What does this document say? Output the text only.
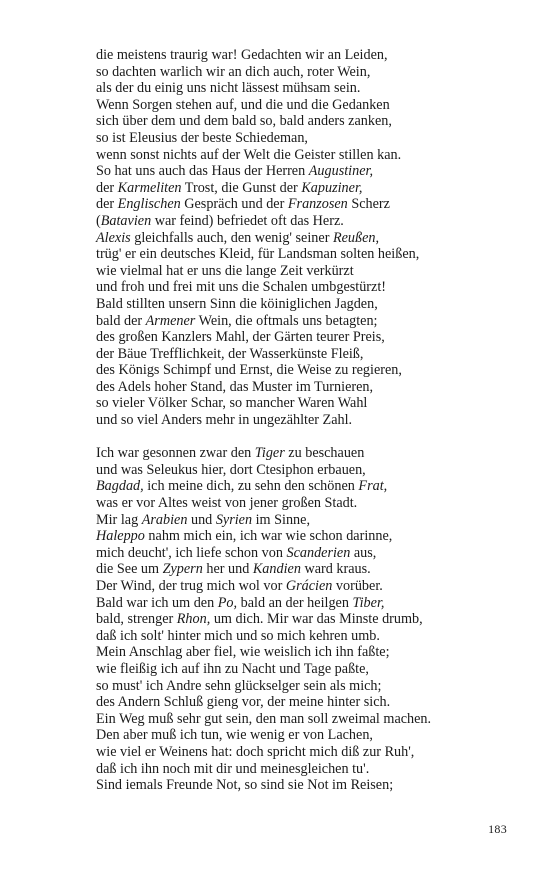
die meistens traurig war! Gedachten wir an Leiden,
so dachten warlich wir an dich auch, roter Wein,
als der du einig uns nicht lässest mühsam sein.
Wenn Sorgen stehen auf, und die und die Gedanken
sich über dem und dem bald so, bald anders zanken,
so ist Eleusius der beste Schiedeman,
wenn sonst nichts auf der Welt die Geister stillen kan.
So hat uns auch das Haus der Herren Augustiner,
der Karmeliten Trost, die Gunst der Kapuziner,
der Englischen Gespräch und der Franzosen Scherz
(Batavien war feind) befriedet oft das Herz.
Alexis gleichfalls auch, den wenig' seiner Reußen,
trüg' er ein deutsches Kleid, für Landsman solten heißen,
wie vielmal hat er uns die lange Zeit verkürzt
und froh und frei mit uns die Schalen umbgestürzt!
Bald stillten unsern Sinn die köiniglichen Jagden,
bald der Armener Wein, die oftmals uns betagten;
des großen Kanzlers Mahl, der Gärten teurer Preis,
der Bäue Trefflichkeit, der Wasserkünste Fleiß,
des Königs Schimpf und Ernst, die Weise zu regieren,
des Adels hoher Stand, das Muster im Turnieren,
so vieler Völker Schar, so mancher Waren Wahl
und so viel Anders mehr in ungezählter Zahl.
Ich war gesonnen zwar den Tiger zu beschauen
und was Seleukus hier, dort Ctesiphon erbauen,
Bagdad, ich meine dich, zu sehn den schönen Frat,
was er vor Altes weist von jener großen Stadt.
Mir lag Arabien und Syrien im Sinne,
Haleppo nahm mich ein, ich war wie schon darinne,
mich deucht', ich liefe schon von Scanderien aus,
die See um Zypern her und Kandien ward kraus.
Der Wind, der trug mich wol vor Grácien vorüber.
Bald war ich um den Po, bald an der heilgen Tiber,
bald, strenger Rhon, um dich. Mir war das Minste drumb,
daß ich solt' hinter mich und so mich kehren umb.
Mein Anschlag aber fiel, wie weislich ich ihn faßte;
wie fleißig ich auf ihn zu Nacht und Tage paßte,
so must' ich Andre sehn glückselger sein als mich;
des Andern Schluß gieng vor, der meine hinter sich.
Ein Weg muß sehr gut sein, den man soll zweimal machen.
Den aber muß ich tun, wie wenig er von Lachen,
wie viel er Weinens hat: doch spricht mich diß zur Ruh',
daß ich ihn noch mit dir und meinesgleichen tu'.
Sind iemals Freunde Not, so sind sie Not im Reisen;
183
